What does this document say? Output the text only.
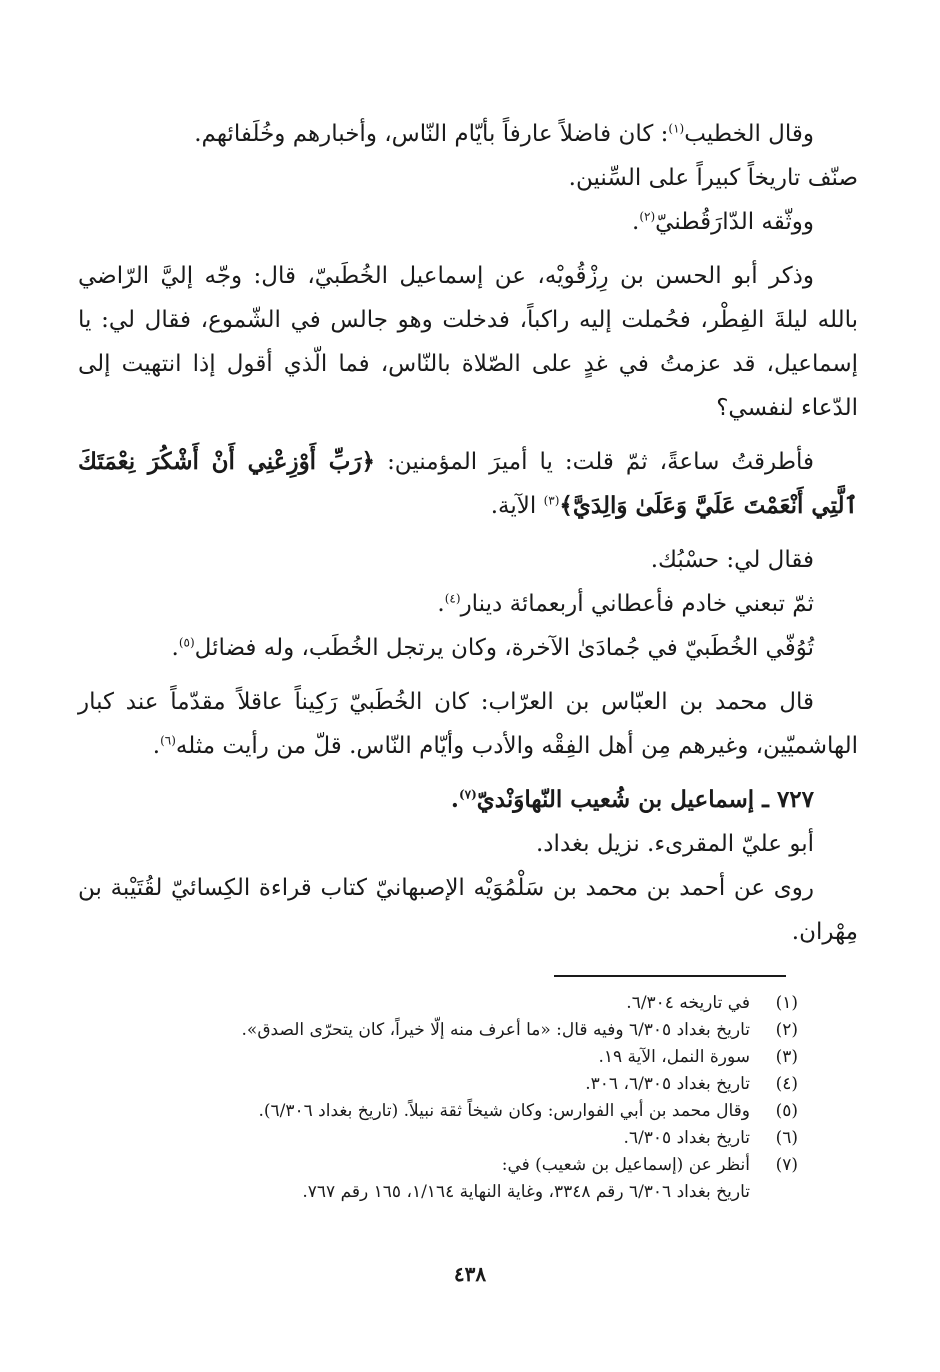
وقال الخطيب$^{(١)}$: كان فاضلاً عارفاً بأيّام النّاس، وأخبارهم وخُلَفائهم.

صنّف تاريخاً كبيراً على السِّنين.

ووثّقه الدّارَقُطنيّ$^{(٢)}$.

وذكر أبو الحسن بن رِزْقُويْه، عن إسماعيل الخُطَبيّ، قال: وجّه إليَّ الرّاضي بالله ليلةَ الفِطْر، فحُملت إليه راكباً، فدخلت وهو جالس في الشّموع، فقال لي: يا إسماعيل، قد عزمتُ في غدٍ على الصّلاة بالنّاس، فما الّذي أقول إذا انتهيت إلى الدّعاء لنفسي؟

فأطرقتُ ساعةً، ثمّ قلت: يا أميرَ المؤمنين: ﴿رَبِّ أَوْزِعْنِي أَنْ أَشْكُرَ نِعْمَتَكَ ٱلَّتِي أَنْعَمْتَ عَلَيَّ وَعَلَىٰ وَالِدَيَّ﴾$^{(٣)}$ الآية.

فقال لي: حسْبُك.

ثمّ تبعني خادم فأعطاني أربعمائة دينار$^{(٤)}$.

تُوُفّي الخُطَبيّ في جُمادَىٰ الآخرة، وكان يرتجل الخُطَب، وله فضائل$^{(٥)}$.

قال محمد بن العبّاس بن العرّاب: كان الخُطَبيّ رَكِيناً عاقلاً مقدّماً عند كبار الهاشميّين، وغيرهم مِن أهل الفِقْه والأدب وأيّام النّاس. قلّ من رأيت مثله$^{(٦)}$.

٧٢٧ ـ إسماعيل بن شُعيب النّهاوَنْديّ$^{(٧)}$.

أبو عليّ المقرىء. نزيل بغداد.

روى عن أحمد بن محمد بن سَلْمُوَيْه الإصبهانيّ كتاب قراءة الكِسائيّ لقُتَيْبة بن مِهْران.

(١)
في تاريخه ٦/٣٠٤.
(٢)
تاريخ بغداد ٦/٣٠٥ وفيه قال: «ما أعرف منه إلّا خيراً، كان يتحرّى الصدق».
(٣)
سورة النمل، الآية ١٩.
(٤)
تاريخ بغداد ٦/٣٠٥، ٣٠٦.
(٥)
وقال محمد بن أبي الفوارس: وكان شيخاً ثقة نبيلاً. (تاريخ بغداد ٦/٣٠٦).
(٦)
تاريخ بغداد ٦/٣٠٥.
(٧)
أنظر عن (إسماعيل بن شعيب) في:
تاريخ بغداد ٦/٣٠٦ رقم ٣٣٤٨، وغاية النهاية ١/١٦٤، ١٦٥ رقم ٧٦٧.
٤٣٨
